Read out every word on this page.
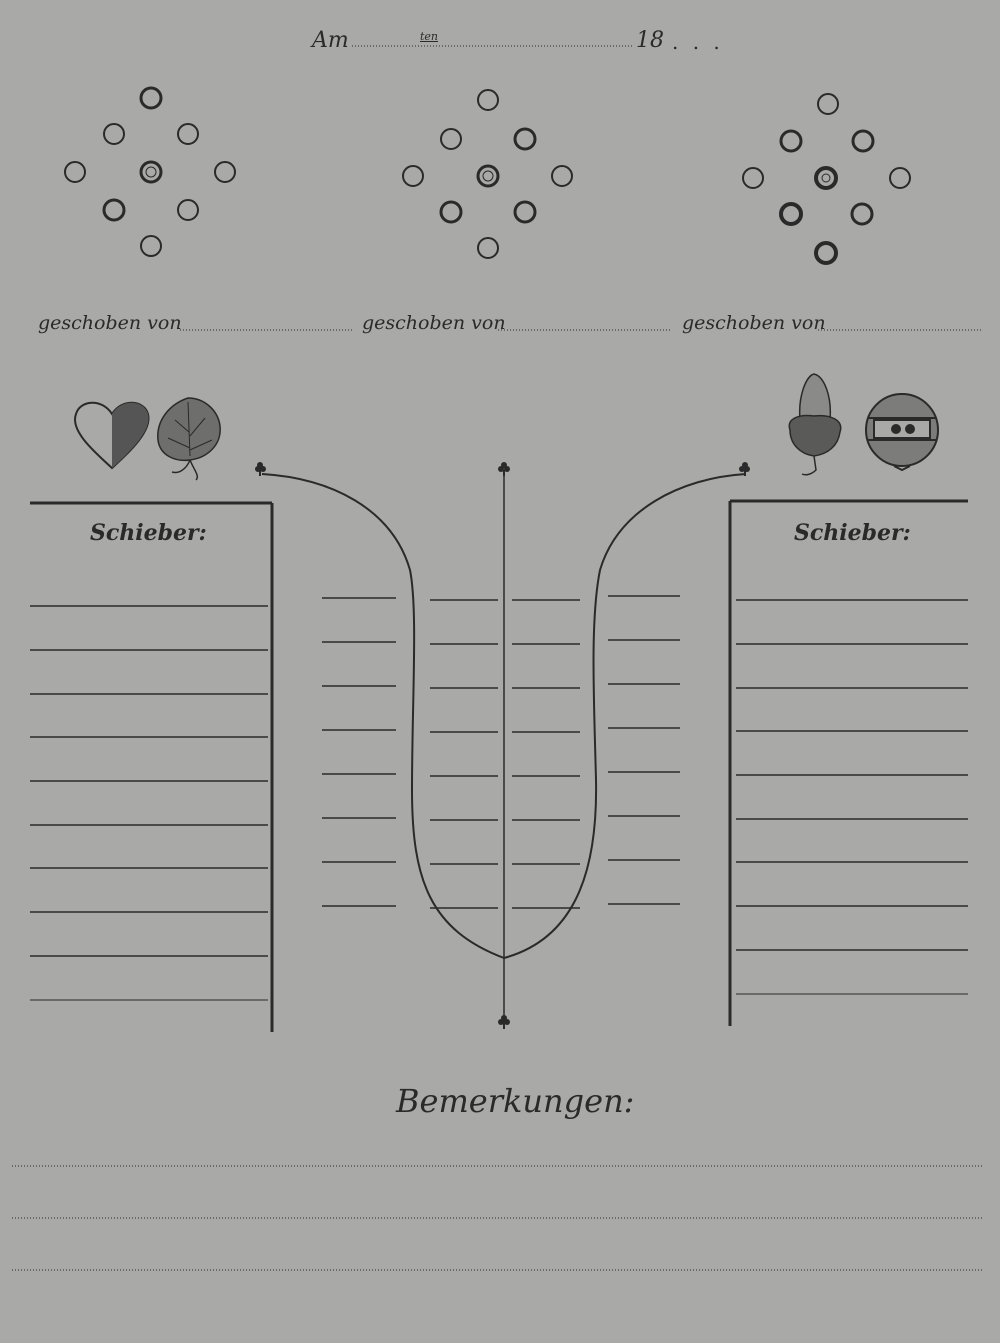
Am	ten	18 . . .
geschoben von	geschoben von	geschoben von
Schieber:	Schieber:
Bemerkungen:
